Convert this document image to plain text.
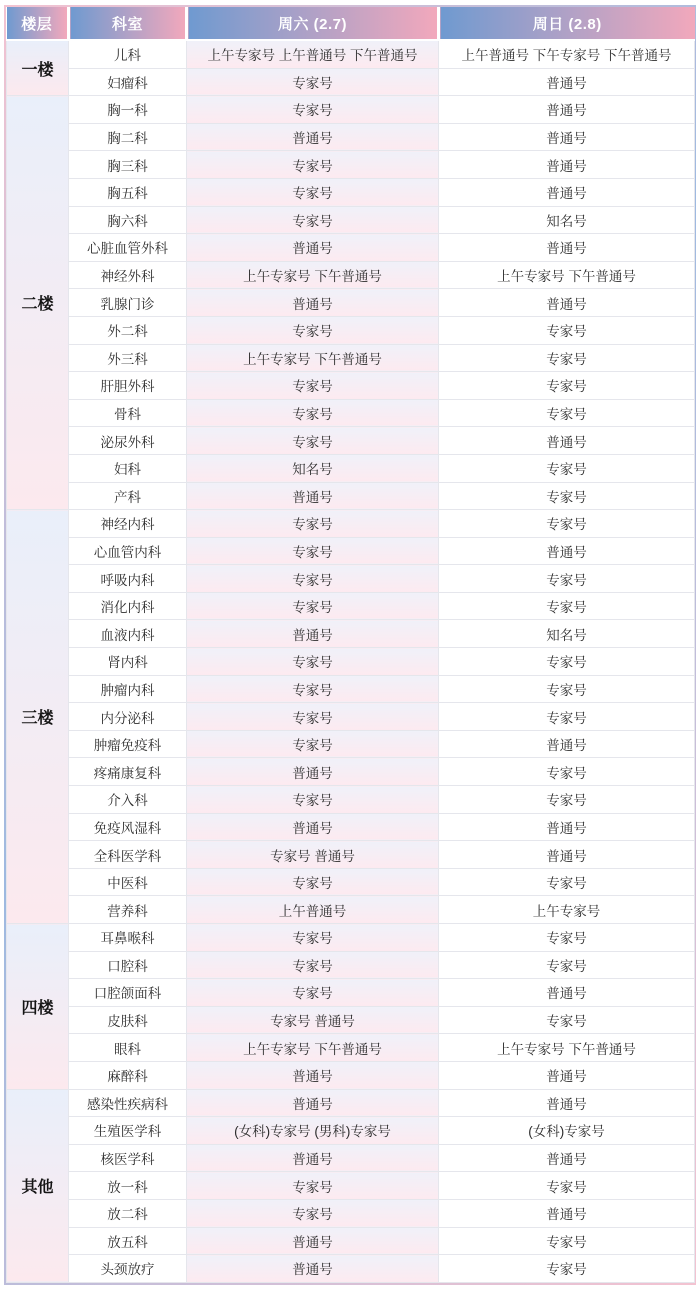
楼层	科室	周六 (2.7)	周日 (2.8)
一楼	儿科	上午专家号 上午普通号 下午普通号	上午普通号 下午专家号 下午普通号
	妇瘤科	专家号	普通号
二楼	胸一科	专家号	普通号
	胸二科	普通号	普通号
	胸三科	专家号	普通号
	胸五科	专家号	普通号
	胸六科	专家号	知名号
	心脏血管外科	普通号	普通号
	神经外科	上午专家号 下午普通号	上午专家号 下午普通号
	乳腺门诊	普通号	普通号
	外二科	专家号	专家号
	外三科	上午专家号 下午普通号	专家号
	肝胆外科	专家号	专家号
	骨科	专家号	专家号
	泌尿外科	专家号	普通号
	妇科	知名号	专家号
	产科	普通号	专家号
三楼	神经内科	专家号	专家号
	心血管内科	专家号	普通号
	呼吸内科	专家号	专家号
	消化内科	专家号	专家号
	血液内科	普通号	知名号
	肾内科	专家号	专家号
	肿瘤内科	专家号	专家号
	内分泌科	专家号	专家号
	肿瘤免疫科	专家号	普通号
	疼痛康复科	普通号	专家号
	介入科	专家号	专家号
	免疫风湿科	普通号	普通号
	全科医学科	专家号 普通号	普通号
	中医科	专家号	专家号
	营养科	上午普通号	上午专家号
四楼	耳鼻喉科	专家号	专家号
	口腔科	专家号	专家号
	口腔颌面科	专家号	普通号
	皮肤科	专家号 普通号	专家号
	眼科	上午专家号 下午普通号	上午专家号 下午普通号
	麻醉科	普通号	普通号
其他	感染性疾病科	普通号	普通号
	生殖医学科	(女科)专家号 (男科)专家号	(女科)专家号
	核医学科	普通号	普通号
	放一科	专家号	专家号
	放二科	专家号	普通号
	放五科	普通号	专家号
	头颈放疗	普通号	专家号
